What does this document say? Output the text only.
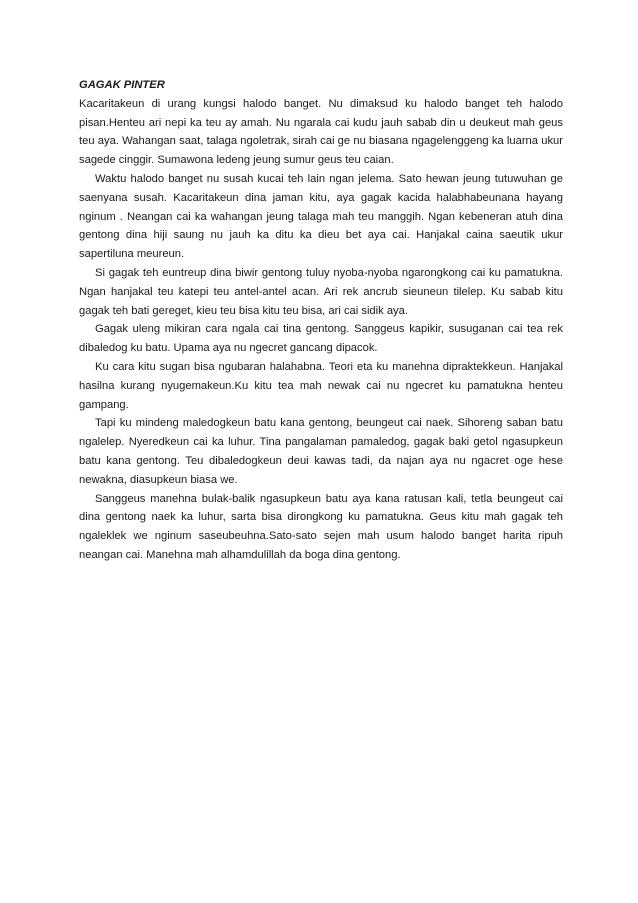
GAGAK PINTER

Kacaritakeun di urang kungsi halodo banget. Nu dimaksud ku halodo banget teh halodo pisan.Henteu ari nepi ka teu ay amah. Nu ngarala cai kudu jauh sabab din u deukeut mah geus teu aya. Wahangan saat, talaga ngoletrak, sirah cai ge nu biasana ngagelenggeng ka luarna ukur sagede cinggir. Sumawona ledeng jeung sumur geus teu caian.

Waktu halodo banget nu susah kucai teh lain ngan jelema. Sato hewan jeung tutuwuhan ge saenyana susah. Kacaritakeun dina jaman kitu, aya gagak kacida halabhabeunana hayang nginum . Neangan cai ka wahangan jeung talaga mah teu manggih. Ngan kebeneran atuh dina gentong dina hiji saung nu jauh ka ditu ka dieu bet aya cai. Hanjakal caina saeutik ukur sapertiluna meureun.

Si gagak teh euntreup dina biwir gentong tuluy nyoba-nyoba ngarongkong cai ku pamatukna. Ngan hanjakal teu katepi teu antel-antel acan. Ari rek ancrub sieuneun tilelep. Ku sabab kitu gagak teh bati gereget, kieu teu bisa kitu teu bisa, ari cai sidik aya.

Gagak uleng mikiran cara ngala cai tina gentong. Sanggeus kapikir, susuganan cai tea rek dibaledog ku batu. Upama aya nu ngecret gancang dipacok.

Ku cara kitu sugan bisa ngubaran halahabna. Teori eta ku manehna dipraktekkeun. Hanjakal hasilna kurang nyugemakeun.Ku kitu tea mah newak cai nu ngecret ku pamatukna henteu gampang.

Tapi ku mindeng maledogkeun batu kana gentong, beungeut cai naek. Sihoreng saban batu ngalelep. Nyeredkeun cai ka luhur. Tina pangalaman pamaledog, gagak baki getol ngasupkeun batu kana gentong. Teu dibaledogkeun deui kawas tadi, da najan aya nu ngacret oge hese newakna, diasupkeun biasa we.

Sanggeus manehna bulak-balik ngasupkeun batu aya kana ratusan kali, tetla beungeut cai dina gentong naek ka luhur, sarta bisa dirongkong ku pamatukna. Geus kitu mah gagak teh ngaleklek we nginum saseubeuhna.Sato-sato sejen mah usum halodo banget harita ripuh neangan cai. Manehna mah alhamdulillah da boga dina gentong.
